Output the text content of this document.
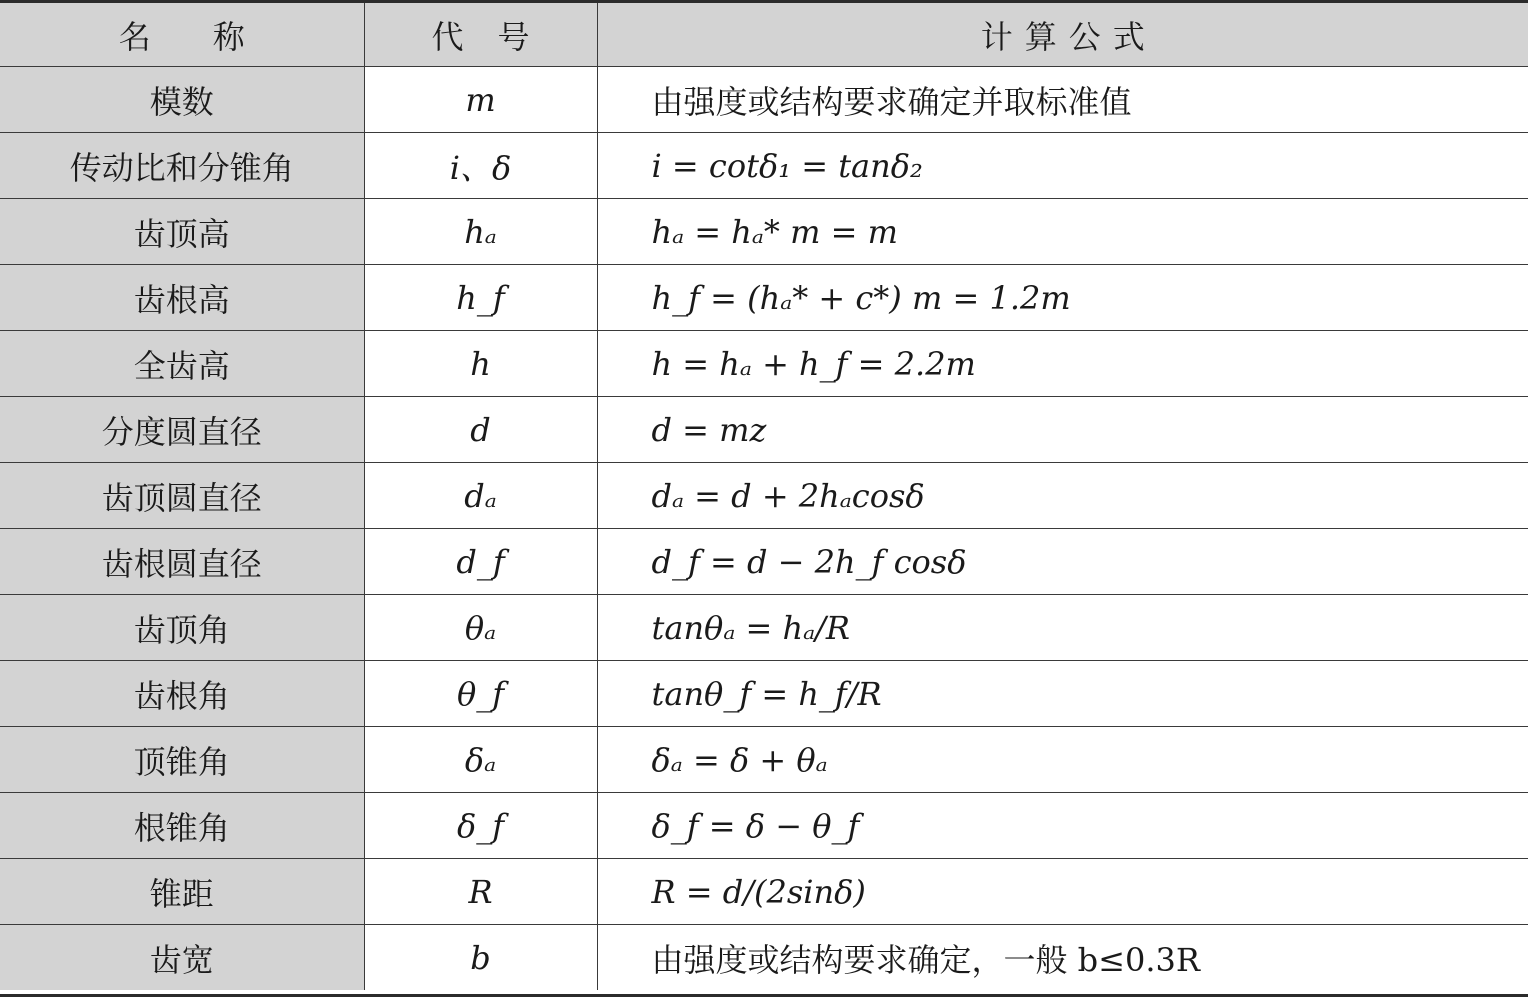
名 称	代 号	计 算 公 式
模数	m	由强度或结构要求确定并取标准值
传动比和分锥角	i、δ	i = cotδ₁ = tanδ₂
齿顶高	hₐ	hₐ = hₐ* m = m
齿根高	h_f	h_f = (hₐ* + c*) m = 1.2m
全齿高	h	h = hₐ + h_f = 2.2m
分度圆直径	d	d = mz
齿顶圆直径	dₐ	dₐ = d + 2hₐcosδ
齿根圆直径	d_f	d_f = d − 2h_f cosδ
齿顶角	θₐ	tanθₐ = hₐ/R
齿根角	θ_f	tanθ_f = h_f/R
顶锥角	δₐ	δₐ = δ + θₐ
根锥角	δ_f	δ_f = δ − θ_f
锥距	R	R = d/(2sinδ)
齿宽	b	由强度或结构要求确定，一般 b≤0.3R
